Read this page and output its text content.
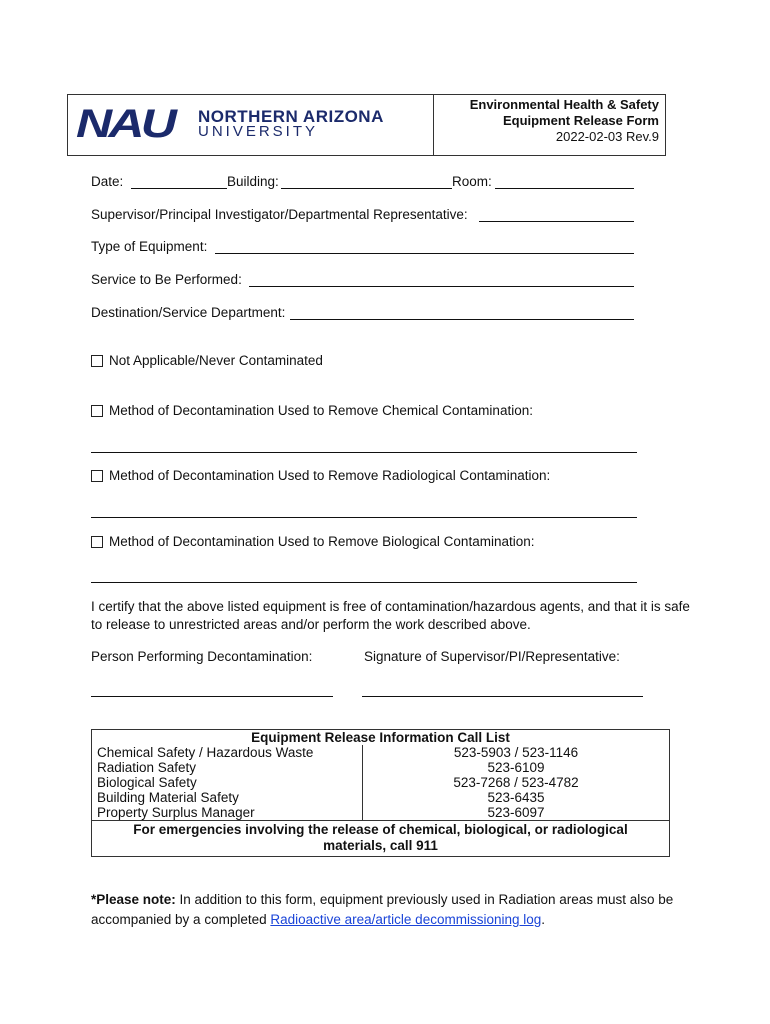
NAU	NORTHERN ARIZONA
UNIVERSITY
Environmental Health & Safety
Equipment Release Form
2022-02-03 Rev.9
Date:	Building:	Room:
Supervisor/Principal Investigator/Departmental Representative:
Type of Equipment:
Service to Be Performed:
Destination/Service Department:
Not Applicable/Never Contaminated
Method of Decontamination Used to Remove Chemical Contamination:
Method of Decontamination Used to Remove Radiological Contamination:
Method of Decontamination Used to Remove Biological Contamination:
I certify that the above listed equipment is free of contamination/hazardous agents, and that it is safe to release to unrestricted areas and/or perform the work described above.
Person Performing Decontamination:	Signature of Supervisor/PI/Representative:
Equipment Release Information Call List	
Chemical Safety / Hazardous Waste	523-5903 / 523-1146
Radiation Safety	523-6109
Biological Safety	523-7268 / 523-4782
Building Material Safety	523-6435
Property Surplus Manager	523-6097
For emergencies involving the release of chemical, biological, or radiological materials, call 911	
*Please note: In addition to this form, equipment previously used in Radiation areas must also be accompanied by a completed Radioactive area/article decommissioning log.
